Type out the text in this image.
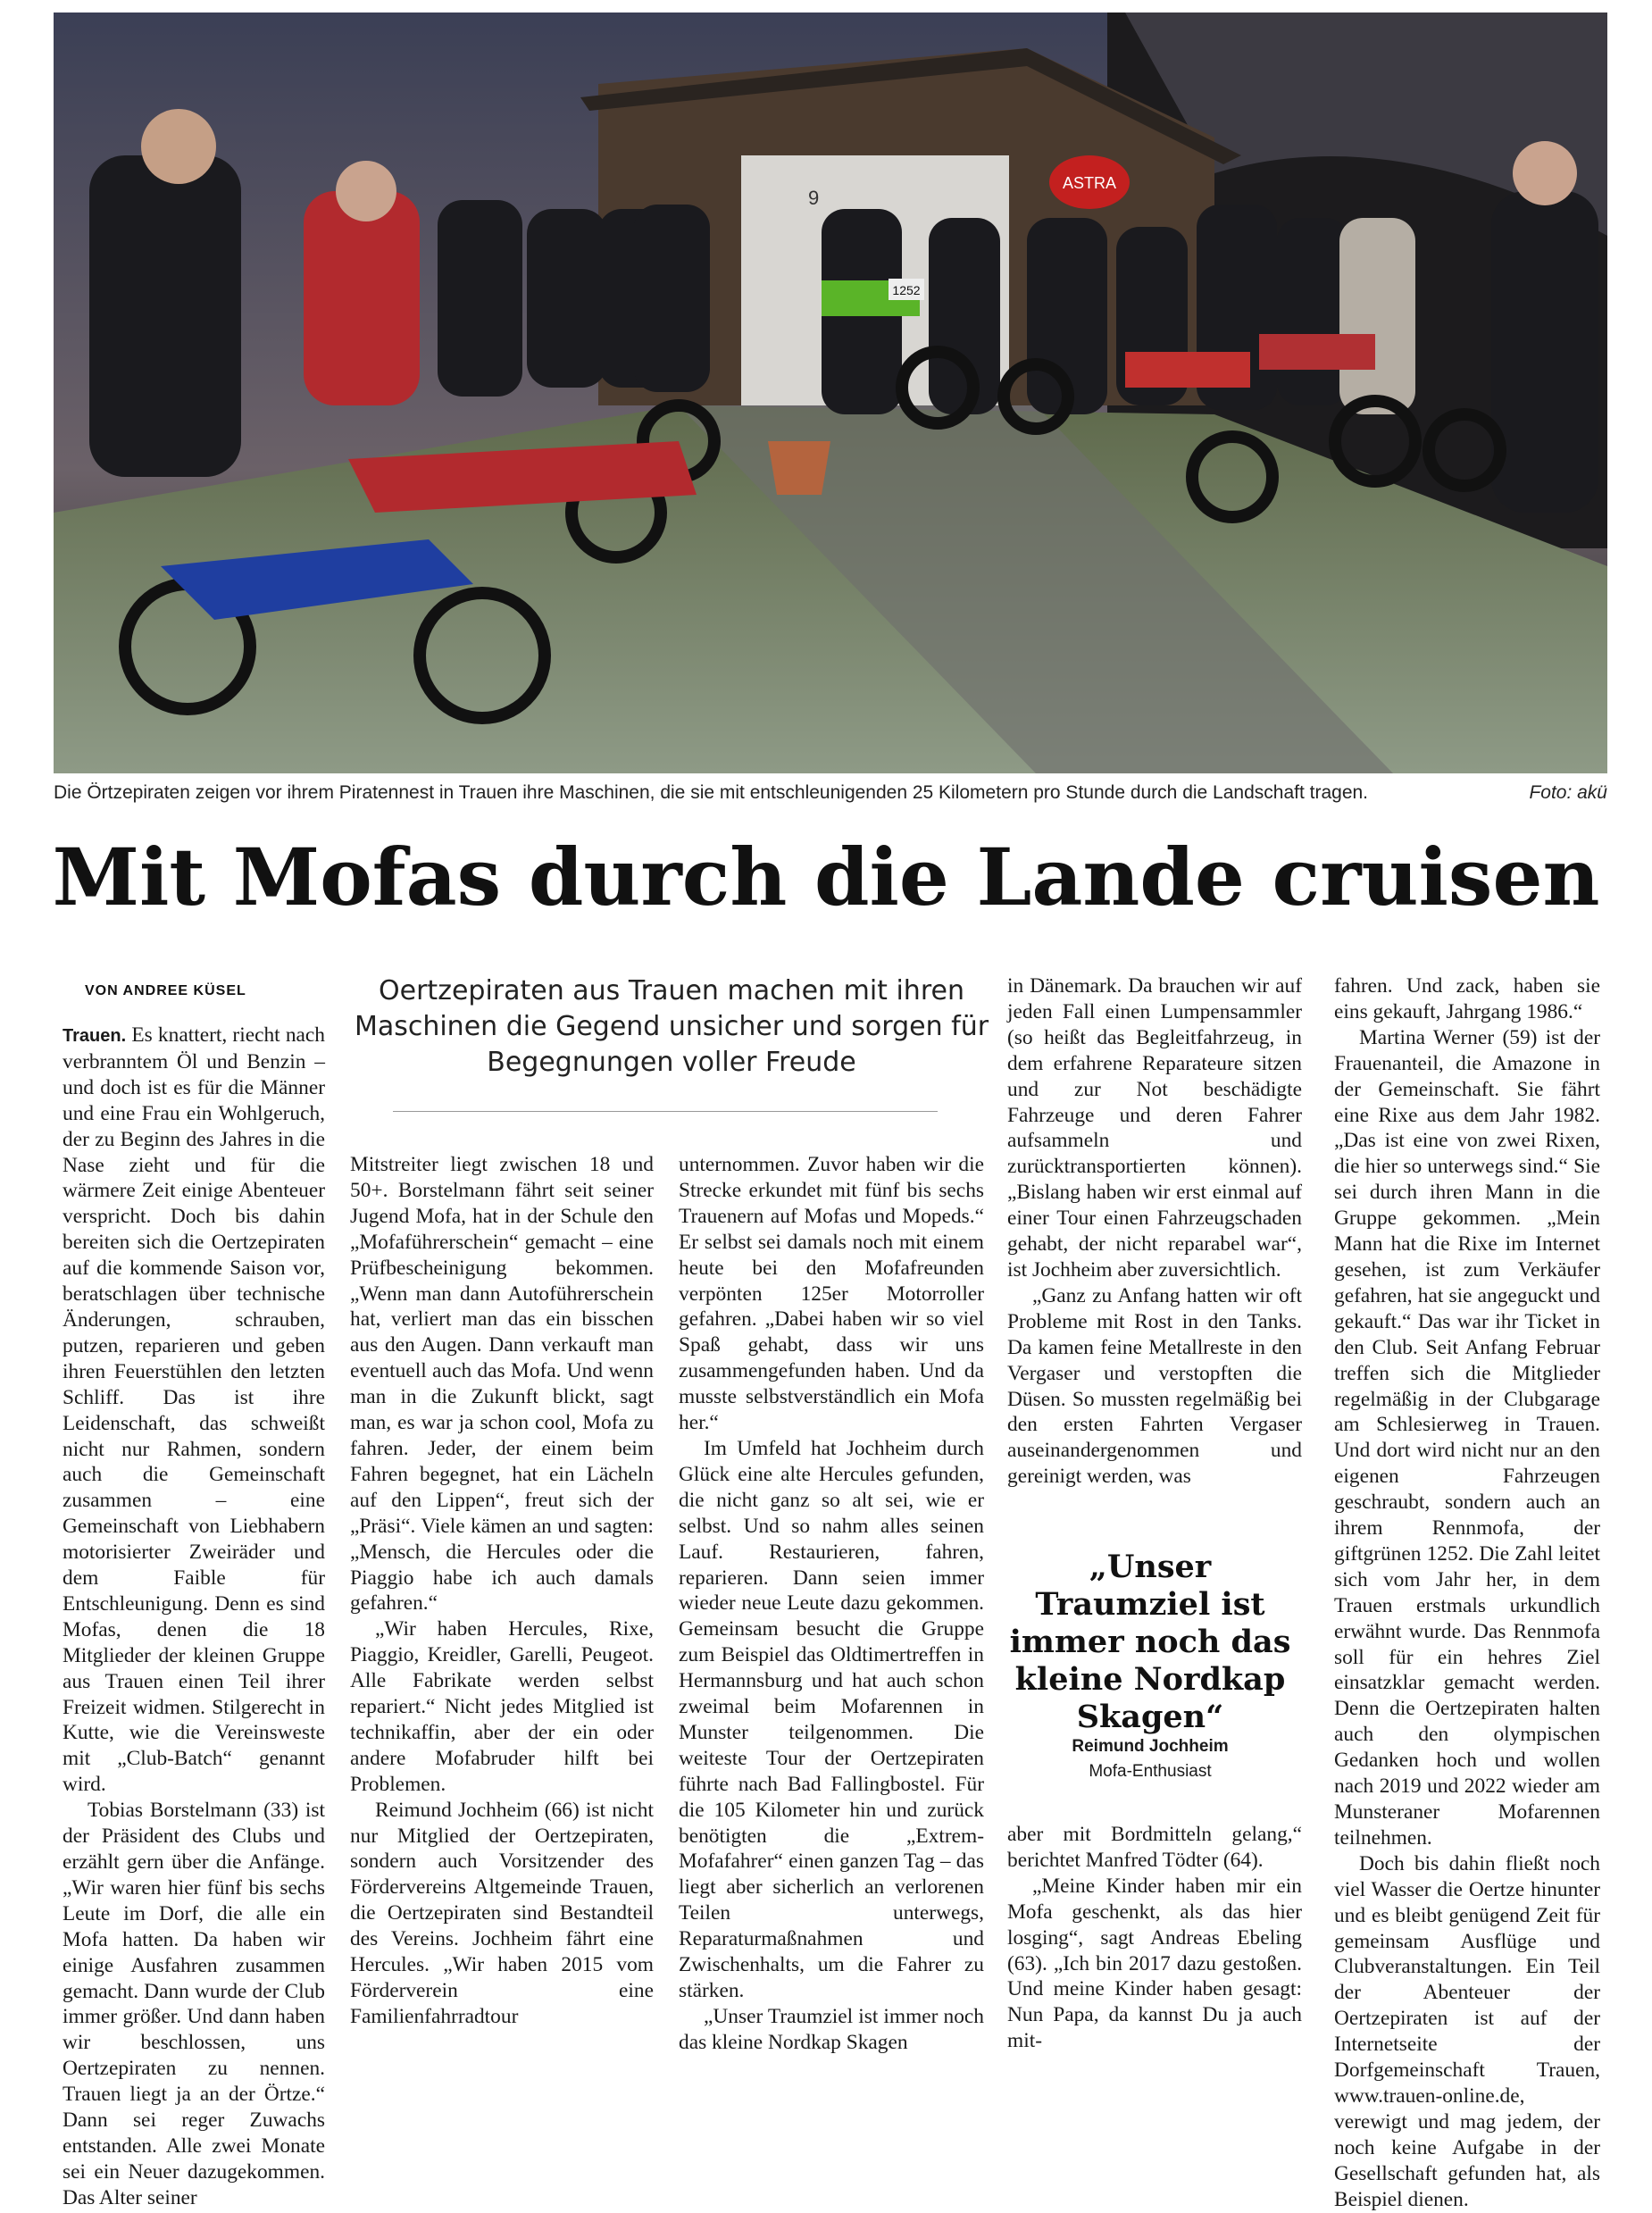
9
ASTRA
1252
Die Örtzepiraten zeigen vor ihrem Piratennest in Trauen ihre Maschinen, die sie mit entschleunigenden 25 Kilometern pro Stunde durch die Landschaft tragen.	Foto: akü
Mit Mofas durch die Lande cruisen
VON ANDREE KÜSEL	Oertzepiraten aus Trauen machen mit ihren Maschinen die Gegend unsicher und sorgen für Begegnungen voller Freude

Trauen. Es knattert, riecht nach verbranntem Öl und Benzin – und doch ist es für die Männer und eine Frau ein Wohlgeruch, der zu Beginn des Jahres in die Nase zieht und für die wärmere Zeit einige Abenteuer verspricht. Doch bis dahin bereiten sich die Oertzepiraten auf die kommende Saison vor, beratschlagen über technische Änderungen, schrauben, putzen, reparieren und geben ihren Feuerstühlen den letzten Schliff. Das ist ihre Leidenschaft, das schweißt nicht nur Rahmen, sondern auch die Gemeinschaft zusammen – eine Gemeinschaft von Liebhabern motorisierter Zweiräder und dem Faible für Entschleunigung. Denn es sind Mofas, denen die 18 Mitglieder der kleinen Gruppe aus Trauen einen Teil ihrer Freizeit widmen. Stilgerecht in Kutte, wie die Vereinsweste mit „Club-Batch“ genannt wird.

Tobias Borstelmann (33) ist der Präsident des Clubs und erzählt gern über die Anfänge. „Wir waren hier fünf bis sechs Leute im Dorf, die alle ein Mofa hatten. Da haben wir einige Ausfahren zusammen gemacht. Dann wurde der Club immer größer. Und dann haben wir beschlossen, uns Oertzepiraten zu nennen. Trauen liegt ja an der Örtze.“ Dann sei reger Zuwachs entstanden. Alle zwei Monate sei ein Neuer dazugekommen. Das Alter seiner

Mitstreiter liegt zwischen 18 und 50+. Borstelmann fährt seit seiner Jugend Mofa, hat in der Schule den „Mofaführerschein“ gemacht – eine Prüfbescheinigung bekommen. „Wenn man dann Autoführerschein hat, verliert man das ein bisschen aus den Augen. Dann verkauft man eventuell auch das Mofa. Und wenn man in die Zukunft blickt, sagt man, es war ja schon cool, Mofa zu fahren. Jeder, der einem beim Fahren begegnet, hat ein Lächeln auf den Lippen“, freut sich der „Präsi“. Viele kämen an und sagten: „Mensch, die Hercules oder die Piaggio habe ich auch damals gefahren.“

„Wir haben Hercules, Rixe, Piaggio, Kreidler, Garelli, Peugeot. Alle Fabrikate werden selbst repariert.“ Nicht jedes Mitglied ist technikaffin, aber der ein oder andere Mofabruder hilft bei Problemen.

Reimund Jochheim (66) ist nicht nur Mitglied der Oertzepiraten, sondern auch Vorsitzender des Fördervereins Altgemeinde Trauen, die Oertzepiraten sind Bestandteil des Vereins. Jochheim fährt eine Hercules. „Wir haben 2015 vom Förderverein eine Familienfahrradtour

unternommen. Zuvor haben wir die Strecke erkundet mit fünf bis sechs Trauenern auf Mofas und Mopeds.“ Er selbst sei damals noch mit einem heute bei den Mofafreunden verpönten 125er Motorroller gefahren. „Dabei haben wir so viel Spaß gehabt, dass wir uns zusammengefunden haben. Und da musste selbstverständlich ein Mofa her.“

Im Umfeld hat Jochheim durch Glück eine alte Hercules gefunden, die nicht ganz so alt sei, wie er selbst. Und so nahm alles seinen Lauf. Restaurieren, fahren, reparieren. Dann seien immer wieder neue Leute dazu gekommen. Gemeinsam besucht die Gruppe zum Beispiel das Oldtimertreffen in Hermannsburg und hat auch schon zweimal beim Mofarennen in Munster teilgenommen. Die weiteste Tour der Oertzepiraten führte nach Bad Fallingbostel. Für die 105 Kilometer hin und zurück benötigten die „Extrem-Mofafahrer“ einen ganzen Tag – das liegt aber sicherlich an verlorenen Teilen unterwegs, Reparaturmaßnahmen und Zwischenhalts, um die Fahrer zu stärken.

„Unser Traumziel ist immer noch das kleine Nordkap Skagen

in Dänemark. Da brauchen wir auf jeden Fall einen Lumpensammler (so heißt das Begleitfahrzeug, in dem erfahrene Reparateure sitzen und zur Not beschädigte Fahrzeuge und deren Fahrer aufsammeln und zurücktransportierten können). „Bislang haben wir erst einmal auf einer Tour einen Fahrzeugschaden gehabt, der nicht reparabel war“, ist Jochheim aber zuversichtlich.

„Ganz zu Anfang hatten wir oft Probleme mit Rost in den Tanks. Da kamen feine Metallreste in den Vergaser und verstopften die Düsen. So mussten regelmäßig bei den ersten Fahrten Vergaser auseinandergenommen und gereinigt werden, was

„Unser Traumziel ist immer noch das kleine Nordkap Skagen“
Reimund Jochheim
Mofa-Enthusiast

aber mit Bordmitteln gelang,“ berichtet Manfred Tödter (64).

„Meine Kinder haben mir ein Mofa geschenkt, als das hier losging“, sagt Andreas Ebeling (63). „Ich bin 2017 dazu gestoßen. Und meine Kinder haben gesagt: Nun Papa, da kannst Du ja auch mit-

fahren. Und zack, haben sie eins gekauft, Jahrgang 1986.“

Martina Werner (59) ist der Frauenanteil, die Amazone in der Gemeinschaft. Sie fährt eine Rixe aus dem Jahr 1982. „Das ist eine von zwei Rixen, die hier so unterwegs sind.“ Sie sei durch ihren Mann in die Gruppe gekommen. „Mein Mann hat die Rixe im Internet gesehen, ist zum Verkäufer gefahren, hat sie angeguckt und gekauft.“ Das war ihr Ticket in den Club. Seit Anfang Februar treffen sich die Mitglieder regelmäßig in der Clubgarage am Schlesierweg in Trauen. Und dort wird nicht nur an den eigenen Fahrzeugen geschraubt, sondern auch an ihrem Rennmofa, der giftgrünen 1252. Die Zahl leitet sich vom Jahr her, in dem Trauen erstmals urkundlich erwähnt wurde. Das Rennmofa soll für ein hehres Ziel einsatzklar gemacht werden. Denn die Oertzepiraten halten auch den olympischen Gedanken hoch und wollen nach 2019 und 2022 wieder am Munsteraner Mofarennen teilnehmen.

Doch bis dahin fließt noch viel Wasser die Oertze hinunter und es bleibt genügend Zeit für gemeinsam Ausflüge und Clubveranstaltungen. Ein Teil der Abenteuer der Oertzepiraten ist auf der Internetseite der Dorfgemeinschaft Trauen, www.trauen-online.de, verewigt und mag jedem, der noch keine Aufgabe in der Gesellschaft gefunden hat, als Beispiel dienen.
